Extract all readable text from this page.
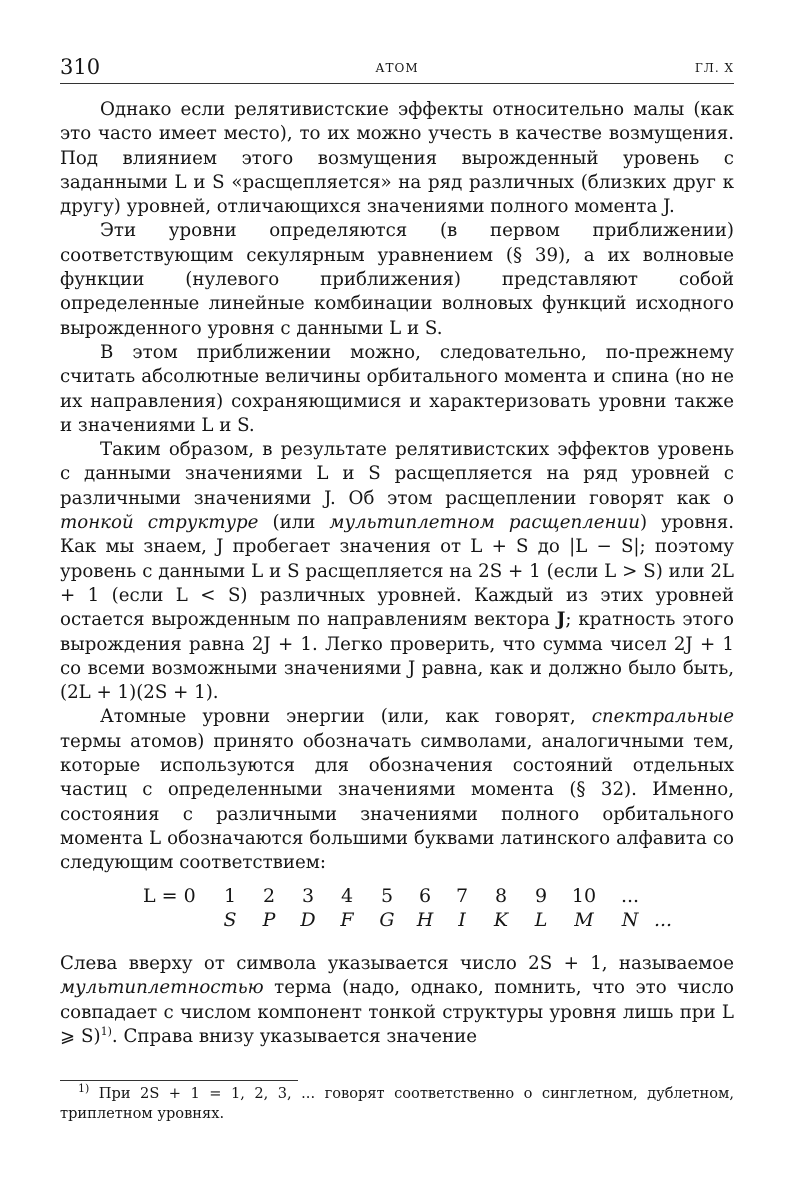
310	АТОМ	ГЛ. X

Однако если релятивистские эффекты относительно малы (как это часто имеет место), то их можно учесть в качестве возмущения. Под влиянием этого возмущения вырожденный уровень с заданными L и S «расщепляется» на ряд различных (близких друг к другу) уровней, отличающихся значениями полного момента J.

Эти уровни определяются (в первом приближении) соответствующим секулярным уравнением (§ 39), а их волновые функции (нулевого приближения) представляют собой определенные линейные комбинации волновых функций исходного вырожденного уровня с данными L и S.

В этом приближении можно, следовательно, по-прежнему считать абсолютные величины орбитального момента и спина (но не их направления) сохраняющимися и характеризовать уровни также и значениями L и S.

Таким образом, в результате релятивистских эффектов уровень с данными значениями L и S расщепляется на ряд уровней с различными значениями J. Об этом расщеплении говорят как о тонкой структуре (или мультиплетном расщеплении) уровня. Как мы знаем, J пробегает значения от L + S до |L − S|; поэтому уровень с данными L и S расщепляется на 2S + 1 (если L > S) или 2L + 1 (если L < S) различных уровней. Каждый из этих уровней остается вырожденным по направлениям вектора J; кратность этого вырождения равна 2J + 1. Легко проверить, что сумма чисел 2J + 1 со всеми возможными значениями J равна, как и должно было быть, (2L + 1)(2S + 1).

Атомные уровни энергии (или, как говорят, спектральные термы атомов) принято обозначать символами, аналогичными тем, которые используются для обозначения состояний отдельных частиц с определенными значениями момента (§ 32). Именно, состояния с различными значениями полного орбитального момента L обозначаются большими буквами латинского алфавита со следующим соответствием:

L = 0 1 2 3 4 5 6 7 8 9 10 ...
S P D F G H I K L M N ...

Слева вверху от символа указывается число 2S + 1, называемое мультиплетностью терма (надо, однако, помнить, что это число совпадает с числом компонент тонкой структуры уровня лишь при L ⩾ S)$^{1)}$. Справа внизу указывается значение

$^{1)}$ При 2S + 1 = 1, 2, 3, ... говорят соответственно о синглетном, дублетном, триплетном уровнях.
